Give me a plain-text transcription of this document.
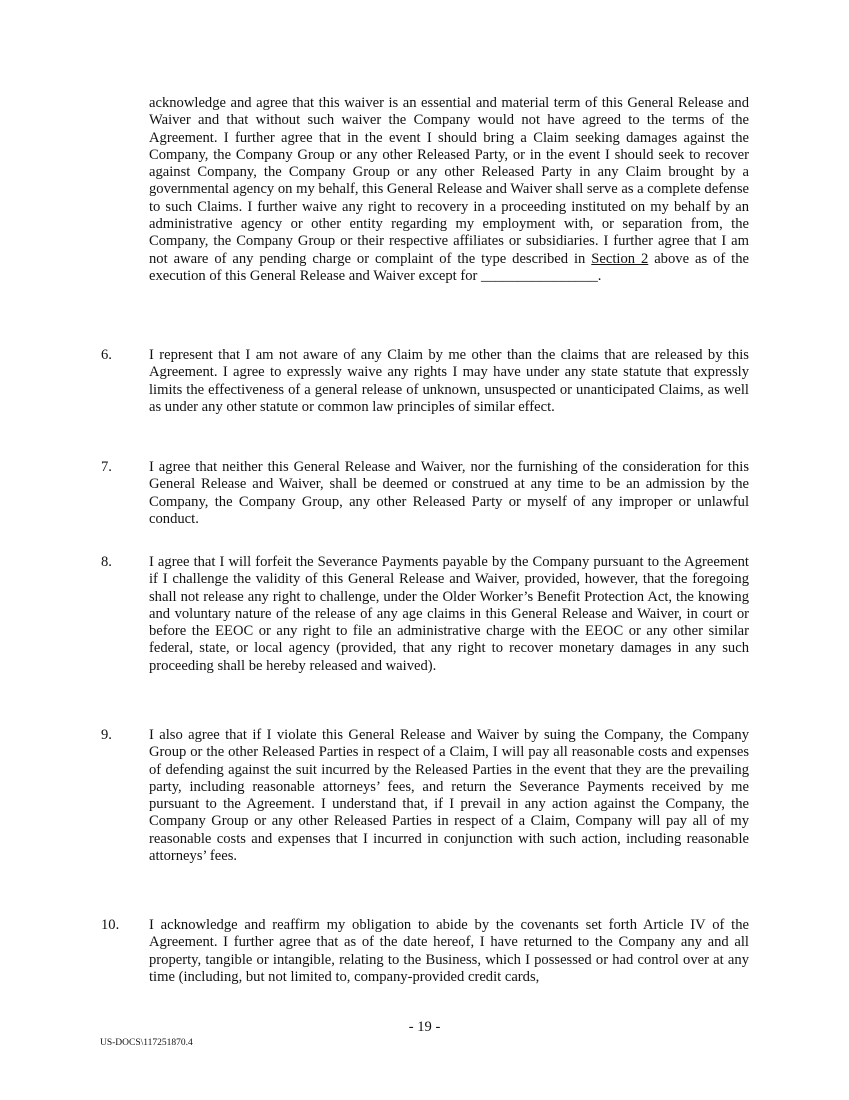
acknowledge and agree that this waiver is an essential and material term of this General Release and Waiver and that without such waiver the Company would not have agreed to the terms of the Agreement. I further agree that in the event I should bring a Claim seeking damages against the Company, the Company Group or any other Released Party, or in the event I should seek to recover against Company, the Company Group or any other Released Party in any Claim brought by a governmental agency on my behalf, this General Release and Waiver shall serve as a complete defense to such Claims. I further waive any right to recovery in a proceeding instituted on my behalf by an administrative agency or other entity regarding my employment with, or separation from, the Company, the Company Group or their respective affiliates or subsidiaries. I further agree that I am not aware of any pending charge or complaint of the type described in Section 2 above as of the execution of this General Release and Waiver except for ________________.

6.	I represent that I am not aware of any Claim by me other than the claims that are released by this Agreement. I agree to expressly waive any rights I may have under any state statute that expressly limits the effectiveness of a general release of unknown, unsuspected or unanticipated Claims, as well as under any other statute or common law principles of similar effect.

7.	I agree that neither this General Release and Waiver, nor the furnishing of the consideration for this General Release and Waiver, shall be deemed or construed at any time to be an admission by the Company, the Company Group, any other Released Party or myself of any improper or unlawful conduct.

8.	I agree that I will forfeit the Severance Payments payable by the Company pursuant to the Agreement if I challenge the validity of this General Release and Waiver, provided, however, that the foregoing shall not release any right to challenge, under the Older Worker’s Benefit Protection Act, the knowing and voluntary nature of the release of any age claims in this General Release and Waiver, in court or before the EEOC or any right to file an administrative charge with the EEOC or any other similar federal, state, or local agency (provided, that any right to recover monetary damages in any such proceeding shall be hereby released and waived).

9.	I also agree that if I violate this General Release and Waiver by suing the Company, the Company Group or the other Released Parties in respect of a Claim, I will pay all reasonable costs and expenses of defending against the suit incurred by the Released Parties in the event that they are the prevailing party, including reasonable attorneys’ fees, and return the Severance Payments received by me pursuant to the Agreement. I understand that, if I prevail in any action against the Company, the Company Group or any other Released Parties in respect of a Claim, Company will pay all of my reasonable costs and expenses that I incurred in conjunction with such action, including reasonable attorneys’ fees.

10. I acknowledge and reaffirm my obligation to abide by the covenants set forth Article IV of the Agreement. I further agree that as of the date hereof, I have returned to the Company any and all property, tangible or intangible, relating to the Business, which I possessed or had control over at any time (including, but not limited to, company-provided credit cards,

- 19 -
US-DOCS\117251870.4
